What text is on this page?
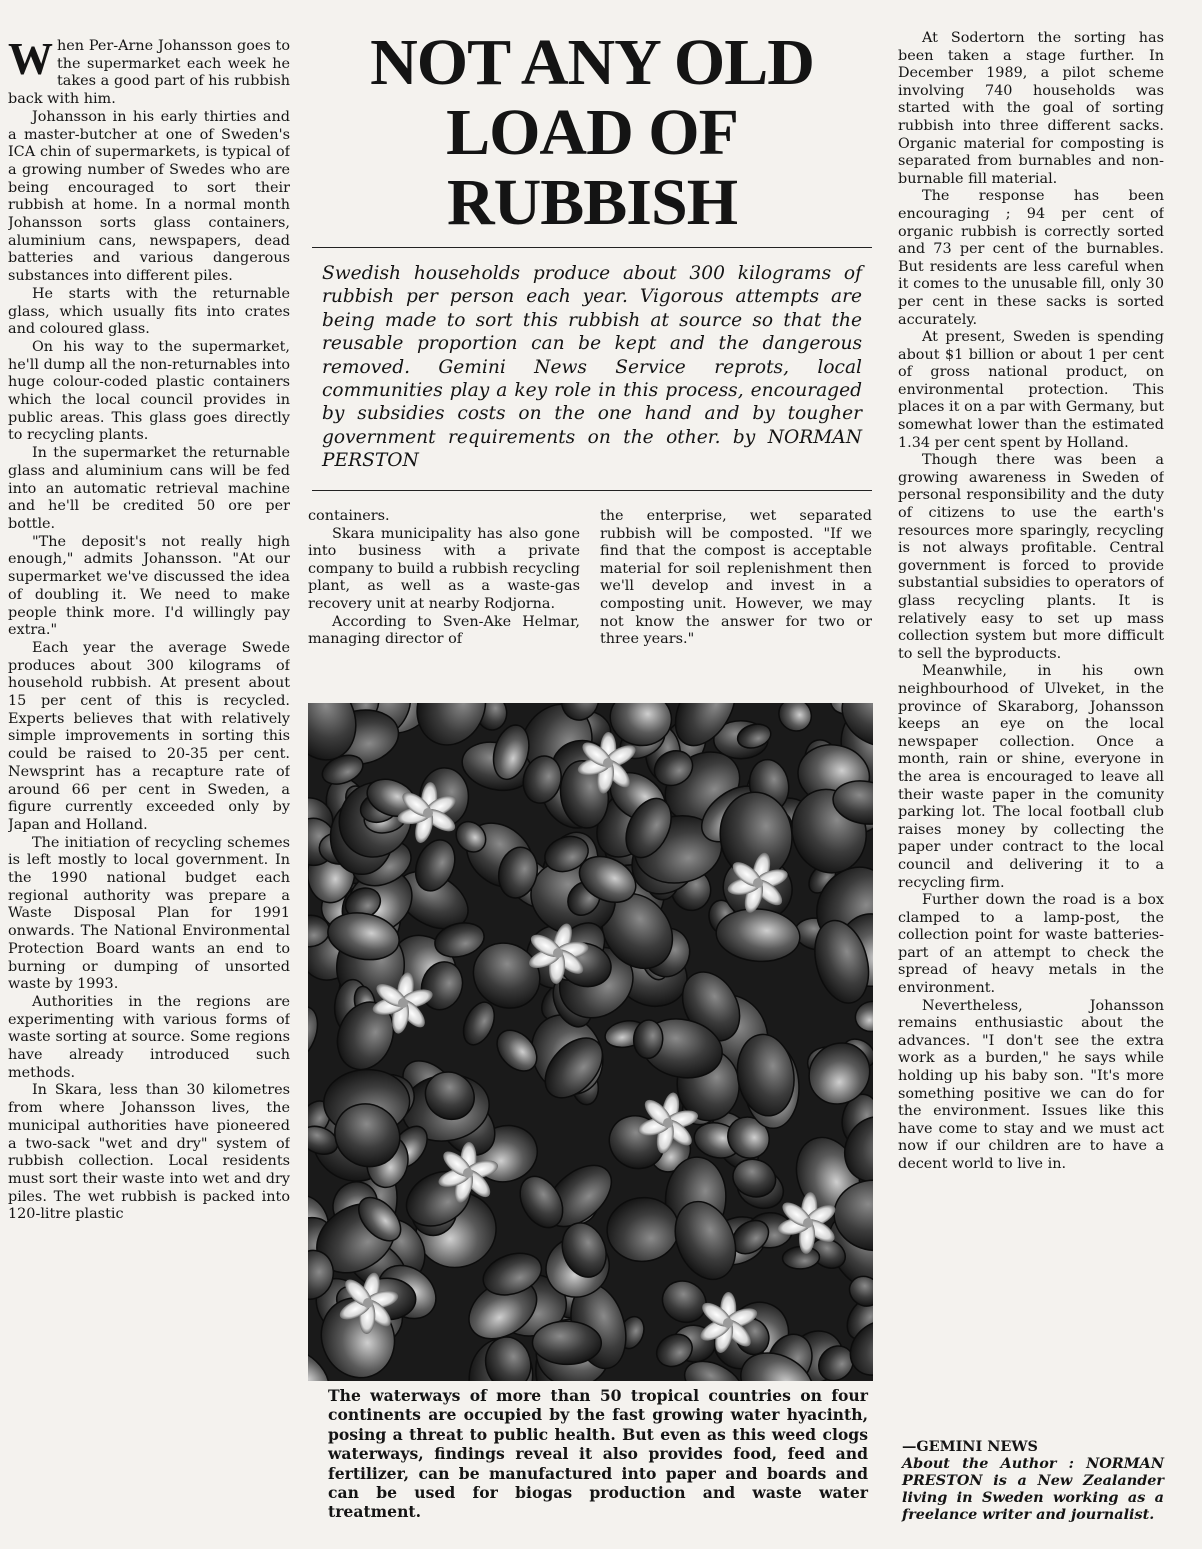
When Per-Arne Johansson goes to the supermarket each week he takes a good part of his rubbish back with him.

Johansson in his early thirties and a master-butcher at one of Sweden's ICA chin of supermarkets, is typical of a growing number of Swedes who are being encouraged to sort their rubbish at home. In a normal month Johansson sorts glass containers, aluminium cans, newspapers, dead batteries and various dangerous substances into different piles.

He starts with the returnable glass, which usually fits into crates and coloured glass.

On his way to the supermarket, he'll dump all the non-returnables into huge colour-coded plastic containers which the local council provides in public areas. This glass goes directly to recycling plants.

In the supermarket the returnable glass and aluminium cans will be fed into an automatic retrieval machine and he'll be credited 50 ore per bottle.

"The deposit's not really high enough," admits Johansson. "At our supermarket we've discussed the idea of doubling it. We need to make people think more. I'd willingly pay extra."

Each year the average Swede produces about 300 kilograms of household rubbish. At present about 15 per cent of this is recycled. Experts believes that with relatively simple improvements in sorting this could be raised to 20-35 per cent. Newsprint has a recapture rate of around 66 per cent in Sweden, a figure currently exceeded only by Japan and Holland.

The initiation of recycling schemes is left mostly to local government. In the 1990 national budget each regional authority was prepare a Waste Disposal Plan for 1991 onwards. The National Environmental Protection Board wants an end to burning or dumping of unsorted waste by 1993.

Authorities in the regions are experimenting with various forms of waste sorting at source. Some regions have already introduced such methods.

In Skara, less than 30 kilometres from where Johansson lives, the municipal authorities have pioneered a two-sack "wet and dry" system of rubbish collection. Local residents must sort their waste into wet and dry piles. The wet rubbish is packed into 120-litre plastic

NOT ANY OLD LOAD OF RUBBISH
Swedish households produce about 300 kilograms of rubbish per person each year. Vigorous attempts are being made to sort this rubbish at source so that the reusable proportion can be kept and the dangerous removed. Gemini News Service reprots, local communities play a key role in this process, encouraged by subsidies costs on the one hand and by tougher government requirements on the other. by NORMAN PERSTON

containers.

Skara municipality has also gone into business with a private company to build a rubbish recycling plant, as well as a waste-gas recovery unit at nearby Rodjorna.

According to Sven-Ake Helmar, managing director of

the enterprise, wet separated rubbish will be composted. "If we find that the compost is acceptable material for soil replenishment then we'll develop and invest in a composting unit. However, we may not know the answer for two or three years."

The waterways of more than 50 tropical countries on four continents are occupied by the fast growing water hyacinth, posing a threat to public health. But even as this weed clogs waterways, findings reveal it also provides food, feed and fertilizer, can be manufactured into paper and boards and can be used for biogas production and waste water treatment.

At Sodertorn the sorting has been taken a stage further. In December 1989, a pilot scheme involving 740 households was started with the goal of sorting rubbish into three different sacks. Organic material for composting is separated from burnables and non-burnable fill material.

The response has been encouraging ; 94 per cent of organic rubbish is correctly sorted and 73 per cent of the burnables. But residents are less careful when it comes to the unusable fill, only 30 per cent in these sacks is sorted accurately.

At present, Sweden is spending about $1 billion or about 1 per cent of gross national product, on environmental protection. This places it on a par with Germany, but somewhat lower than the estimated 1.34 per cent spent by Holland.

Though there was been a growing awareness in Sweden of personal responsibility and the duty of citizens to use the earth's resources more sparingly, recycling is not always profitable. Central government is forced to provide substantial subsidies to operators of glass recycling plants. It is relatively easy to set up mass collection system but more difficult to sell the byproducts.

Meanwhile, in his own neighbourhood of Ulveket, in the province of Skaraborg, Johansson keeps an eye on the local newspaper collection. Once a month, rain or shine, everyone in the area is encouraged to leave all their waste paper in the comunity parking lot. The local football club raises money by collecting the paper under contract to the local council and delivering it to a recycling firm.

Further down the road is a box clamped to a lamp-post, the collection point for waste batteries-part of an attempt to check the spread of heavy metals in the environment.

Nevertheless, Johansson remains enthusiastic about the advances. "I don't see the extra work as a burden," he says while holding up his baby son. "It's more something positive we can do for the environment. Issues like this have come to stay and we must act now if our children are to have a decent world to live in.

—GEMINI NEWS
About the Author : NORMAN PRESTON is a New Zealander living in Sweden working as a freelance writer and journalist.
